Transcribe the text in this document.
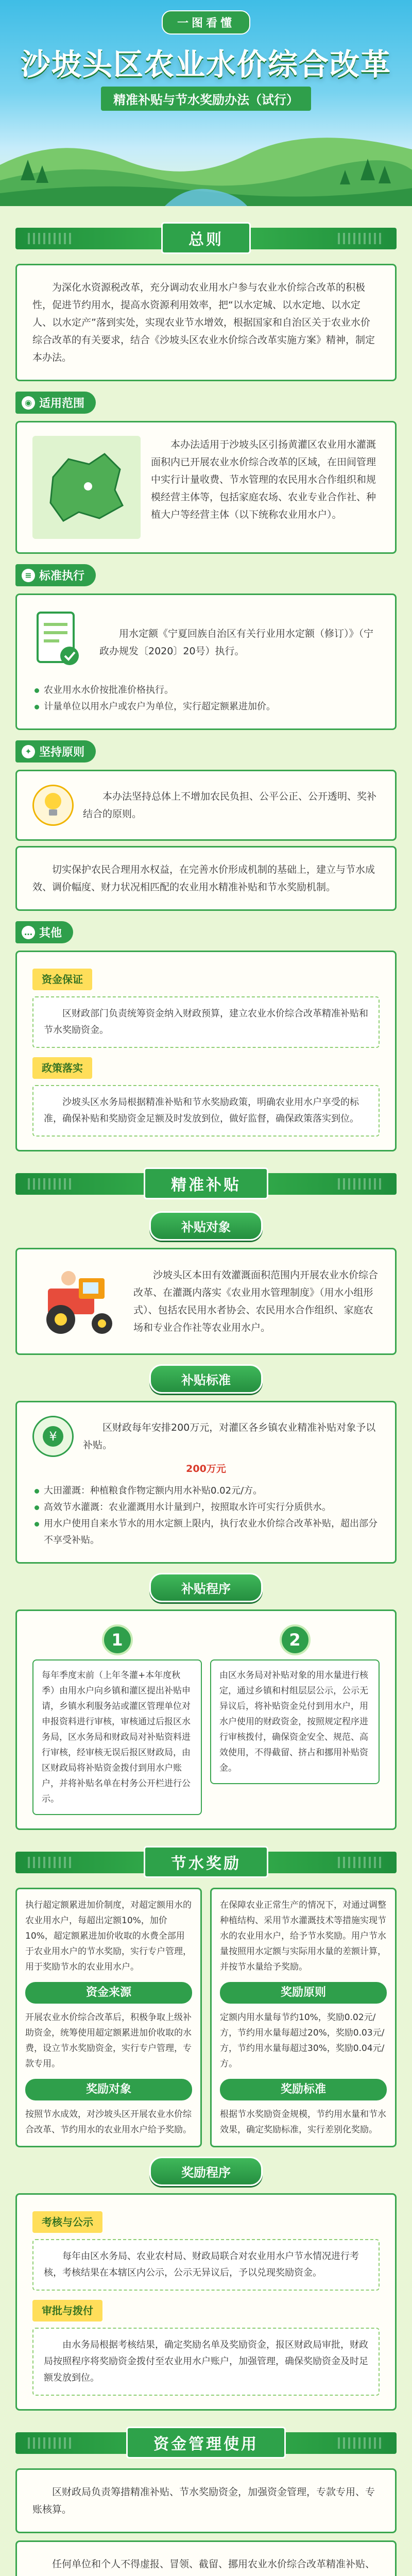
一图看懂
沙坡头区农业水价综合改革
精准补贴与节水奖励办法（试行）
总则

为深化水资源税改革，充分调动农业用水户参与农业水价综合改革的积极性，促进节约用水，提高水资源利用效率，把“以水定城、以水定地、以水定人、以水定产”落到实处，实现农业节水增效，根据国家和自治区关于农业水价综合改革的有关要求，结合《沙坡头区农业水价综合改革实施方案》精神，制定本办法。

◉ 适用范围

本办法适用于沙坡头区引扬黄灌区农业用水灌溉面积内已开展农业水价综合改革的区域，在田间管理中实行计量收费、节水管理的农民用水合作组织和规模经营主体等，包括家庭农场、农业专业合作社、种植大户等经营主体（以下统称农业用水户）。

≡ 标准执行

用水定额《宁夏回族自治区有关行业用水定额（修订）》（宁政办规发〔2020〕20号）执行。

农业用水水价按批准价格执行。
计量单位以用水户或农户为单位，实行超定额累进加价。
✦ 坚持原则

本办法坚持总体上不增加农民负担、公平公正、公开透明、奖补结合的原则。

切实保护农民合理用水权益，在完善水价形成机制的基础上，建立与节水成效、调价幅度、财力状况相匹配的农业用水精准补贴和节水奖励机制。

… 其他
资金保证
区财政部门负责统筹资金纳入财政预算，建立农业水价综合改革精准补贴和节水奖励资金。
政策落实
沙坡头区水务局根据精准补贴和节水奖励政策，明确农业用水户享受的标准，确保补贴和奖励资金足额及时发放到位，做好监督，确保政策落实到位。
精准补贴
补贴对象

沙坡头区本田有效灌溉面积范围内开展农业水价综合改革、在灌溉内落实《农业用水管理制度》（用水小组形式）、包括农民用水者协会、农民用水合作组织、家庭农场和专业合作社等农业用水户。

补贴标准
¥

区财政每年安排200万元，对灌区各乡镇农业精准补贴对象予以补贴。

200万元

大田灌溉：种植粮食作物定额内用水补贴0.02元/方。
高效节水灌溉：农业灌溉用水计量到户，按照取水许可实行分质供水。
用水户使用自来水节水的用水定额上限内，执行农业水价综合改革补贴，超出部分不享受补贴。
补贴程序
1
每年季度末前（上年冬灌+本年度秋季）由用水户向乡镇和灌区提出补贴申请，乡镇水利服务站或灌区管理单位对申报资料进行审核，审核通过后报区水务局，区水务局和财政局对补贴资料进行审核，经审核无误后报区财政局，由区财政局将补贴资金拨付到用水户账户，并将补贴名单在村务公开栏进行公示。
2
由区水务局对补贴对象的用水量进行核定，通过乡镇和村组层层公示，公示无异议后，将补贴资金兑付到用水户，用水户使用的财政资金，按照规定程序进行审核拨付，确保资金安全、规范、高效使用，不得截留、挤占和挪用补贴资金。
节水奖励

执行超定额累进加价制度，对超定额用水的农业用水户，每超出定额10%，加价10%，超定额累进加价收取的水费全部用于农业用水户的节水奖励，实行专户管理，用于奖励节水的农业用水户。

资金来源

开展农业水价综合改革后，积极争取上级补助资金，统筹使用超定额累进加价收取的水费，设立节水奖励资金，实行专户管理，专款专用。

奖励对象

按照节水成效，对沙坡头区开展农业水价综合改革、节约用水的农业用水户给予奖励。

在保障农业正常生产的情况下，对通过调整种植结构、采用节水灌溉技术等措施实现节水的农业用水户，给予节水奖励。用户节水量按照用水定额与实际用水量的差额计算，并按节水量给予奖励。

奖励原则

定额内用水量每节约10%，奖励0.02元/方，节约用水量每超过20%，奖励0.03元/方，节约用水量每超过30%，奖励0.04元/方。

奖励标准

根据节水奖励资金规模，节约用水量和节水效果，确定奖励标准，实行差别化奖励。

奖励程序
考核与公示
每年由区水务局、农业农村局、财政局联合对农业用水户节水情况进行考核，考核结果在本辖区内公示，公示无异议后，予以兑现奖励资金。
审批与拨付
由水务局根据考核结果，确定奖励名单及奖励资金，报区财政局审批，财政局按照程序将奖励资金拨付至农业用水户账户，加强管理，确保奖励资金及时足额发放到位。
资金管理使用

区财政局负责筹措精准补贴、节水奖励资金，加强资金管理，专款专用、专账核算。

任何单位和个人不得虚报、冒领、截留、挪用农业水价综合改革精准补贴、
